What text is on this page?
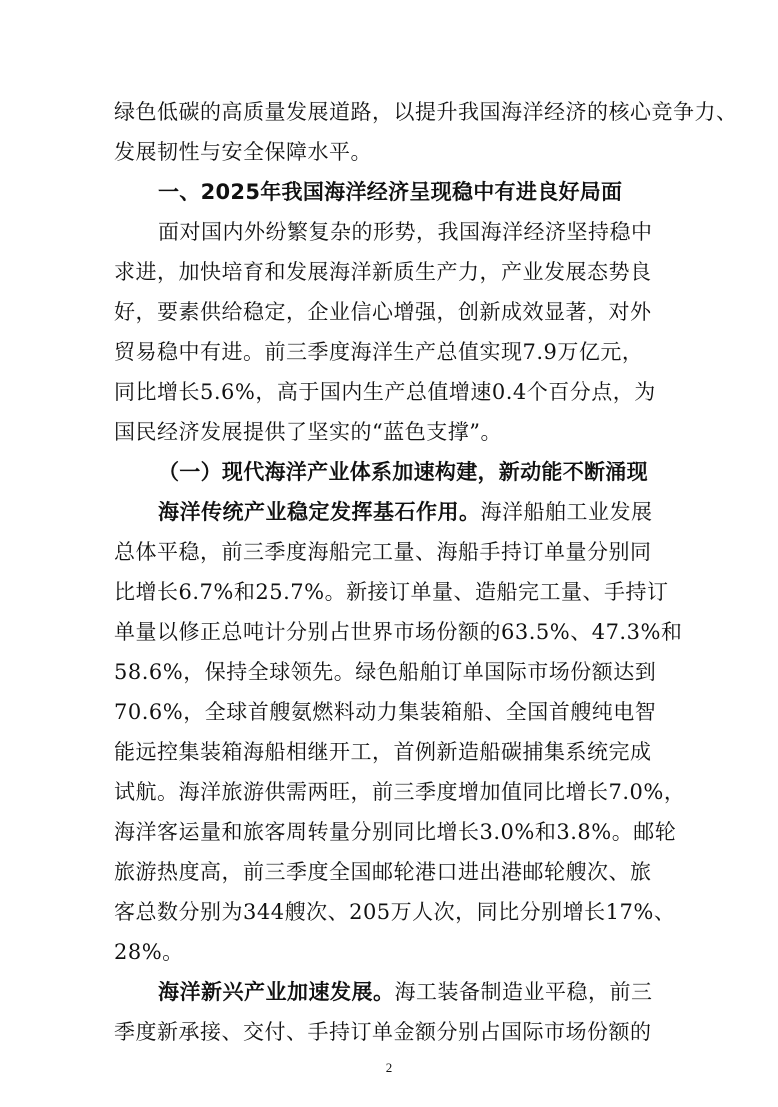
绿色低碳的高质量发展道路，以提升我国海洋经济的核心竞争力、
发展韧性与安全保障水平。
一、2025年我国海洋经济呈现稳中有进良好局面
面对国内外纷繁复杂的形势，我国海洋经济坚持稳中
求进，加快培育和发展海洋新质生产力，产业发展态势良
好，要素供给稳定，企业信心增强，创新成效显著，对外
贸易稳中有进。前三季度海洋生产总值实现7.9万亿元，
同比增长5.6%，高于国内生产总值增速0.4个百分点，为
国民经济发展提供了坚实的“蓝色支撑”。
（一）现代海洋产业体系加速构建，新动能不断涌现
海洋传统产业稳定发挥基石作用。海洋船舶工业发展
总体平稳，前三季度海船完工量、海船手持订单量分别同
比增长6.7%和25.7%。新接订单量、造船完工量、手持订
单量以修正总吨计分别占世界市场份额的63.5%、47.3%和
58.6%，保持全球领先。绿色船舶订单国际市场份额达到
70.6%，全球首艘氨燃料动力集装箱船、全国首艘纯电智
能远控集装箱海船相继开工，首例新造船碳捕集系统完成
试航。海洋旅游供需两旺，前三季度增加值同比增长7.0%，
海洋客运量和旅客周转量分别同比增长3.0%和3.8%。邮轮
旅游热度高，前三季度全国邮轮港口进出港邮轮艘次、旅
客总数分别为344艘次、205万人次，同比分别增长17%、
28%。
海洋新兴产业加速发展。海工装备制造业平稳，前三
2
季度新承接、交付、手持订单金额分别占国际市场份额的
